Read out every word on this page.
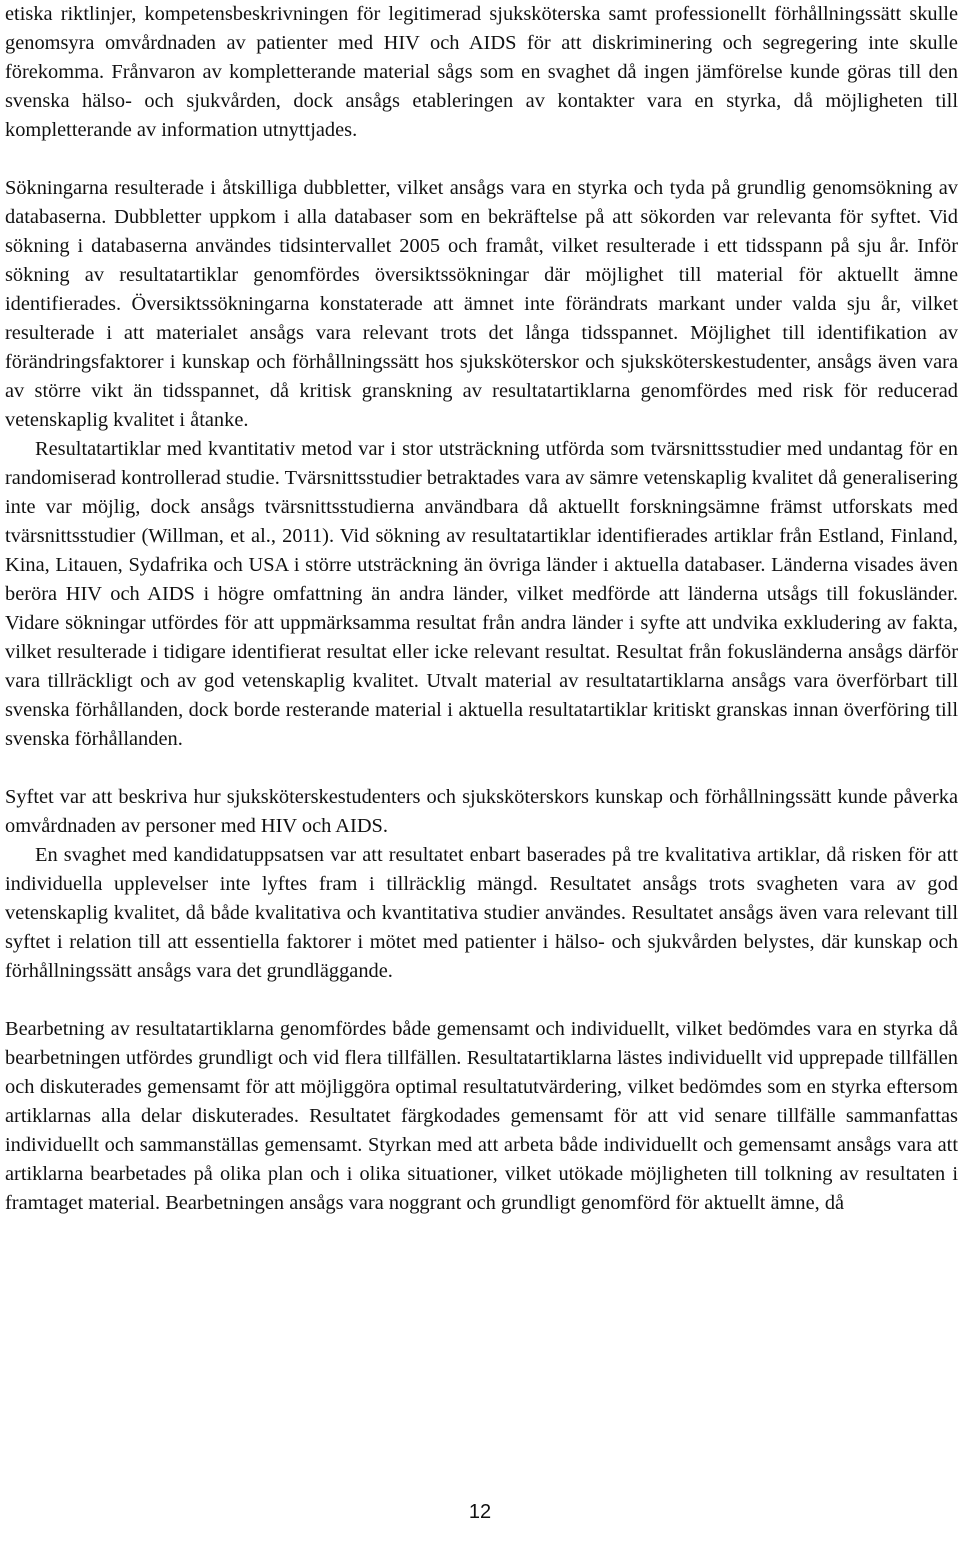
etiska riktlinjer, kompetensbeskrivningen för legitimerad sjuksköterska samt professionellt förhållningssätt skulle genomsyra omvårdnaden av patienter med HIV och AIDS för att diskriminering och segregering inte skulle förekomma. Frånvaron av kompletterande material sågs som en svaghet då ingen jämförelse kunde göras till den svenska hälso- och sjukvården, dock ansågs etableringen av kontakter vara en styrka, då möjligheten till kompletterande av information utnyttjades.

Sökningarna resulterade i åtskilliga dubbletter, vilket ansågs vara en styrka och tyda på grundlig genomsökning av databaserna. Dubbletter uppkom i alla databaser som en bekräftelse på att sökorden var relevanta för syftet. Vid sökning i databaserna användes tidsintervallet 2005 och framåt, vilket resulterade i ett tidsspann på sju år. Inför sökning av resultatartiklar genomfördes översiktssökningar där möjlighet till material för aktuellt ämne identifierades. Översiktssökningarna konstaterade att ämnet inte förändrats markant under valda sju år, vilket resulterade i att materialet ansågs vara relevant trots det långa tidsspannet. Möjlighet till identifikation av förändringsfaktorer i kunskap och förhållningssätt hos sjuksköterskor och sjuksköterskestudenter, ansågs även vara av större vikt än tidsspannet, då kritisk granskning av resultatartiklarna genomfördes med risk för reducerad vetenskaplig kvalitet i åtanke.

Resultatartiklar med kvantitativ metod var i stor utsträckning utförda som tvärsnittsstudier med undantag för en randomiserad kontrollerad studie. Tvärsnittsstudier betraktades vara av sämre vetenskaplig kvalitet då generalisering inte var möjlig, dock ansågs tvärsnittsstudierna användbara då aktuellt forskningsämne främst utforskats med tvärsnittsstudier (Willman, et al., 2011). Vid sökning av resultatartiklar identifierades artiklar från Estland, Finland, Kina, Litauen, Sydafrika och USA i större utsträckning än övriga länder i aktuella databaser. Länderna visades även beröra HIV och AIDS i högre omfattning än andra länder, vilket medförde att länderna utsågs till fokusländer. Vidare sökningar utfördes för att uppmärksamma resultat från andra länder i syfte att undvika exkludering av fakta, vilket resulterade i tidigare identifierat resultat eller icke relevant resultat. Resultat från fokusländerna ansågs därför vara tillräckligt och av god vetenskaplig kvalitet. Utvalt material av resultatartiklarna ansågs vara överförbart till svenska förhållanden, dock borde resterande material i aktuella resultatartiklar kritiskt granskas innan överföring till svenska förhållanden.

Syftet var att beskriva hur sjuksköterskestudenters och sjuksköterskors kunskap och förhållningssätt kunde påverka omvårdnaden av personer med HIV och AIDS.

En svaghet med kandidatuppsatsen var att resultatet enbart baserades på tre kvalitativa artiklar, då risken för att individuella upplevelser inte lyftes fram i tillräcklig mängd. Resultatet ansågs trots svagheten vara av god vetenskaplig kvalitet, då både kvalitativa och kvantitativa studier användes. Resultatet ansågs även vara relevant till syftet i relation till att essentiella faktorer i mötet med patienter i hälso- och sjukvården belystes, där kunskap och förhållningssätt ansågs vara det grundläggande.

Bearbetning av resultatartiklarna genomfördes både gemensamt och individuellt, vilket bedömdes vara en styrka då bearbetningen utfördes grundligt och vid flera tillfällen. Resultatartiklarna lästes individuellt vid upprepade tillfällen och diskuterades gemensamt för att möjliggöra optimal resultatutvärdering, vilket bedömdes som en styrka eftersom artiklarnas alla delar diskuterades. Resultatet färgkodades gemensamt för att vid senare tillfälle sammanfattas individuellt och sammanställas gemensamt. Styrkan med att arbeta både individuellt och gemensamt ansågs vara att artiklarna bearbetades på olika plan och i olika situationer, vilket utökade möjligheten till tolkning av resultaten i framtaget material. Bearbetningen ansågs vara noggrant och grundligt genomförd för aktuellt ämne, då

12
